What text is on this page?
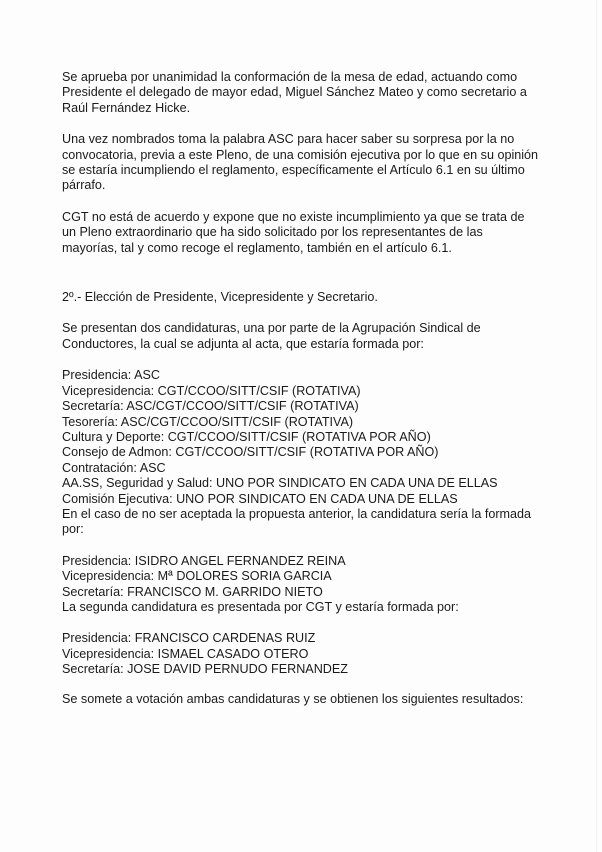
Se aprueba por unanimidad la conformación de la mesa de edad, actuando como Presidente el delegado de mayor edad, Miguel Sánchez Mateo y como secretario a Raúl Fernández Hicke.

Una vez nombrados toma la palabra ASC para hacer saber su sorpresa por la no convocatoria, previa a este Pleno, de una comisión ejecutiva por lo que en su opinión se estaría incumpliendo el reglamento, específicamente el Artículo 6.1 en su último párrafo.

CGT no está de acuerdo y expone que no existe incumplimiento ya que se trata de un Pleno extraordinario que ha sido solicitado por los representantes de las mayorías, tal y como recoge el reglamento, también en el artículo 6.1.

2º.- Elección de Presidente, Vicepresidente y Secretario.

Se presentan dos candidaturas, una por parte de la Agrupación Sindical de Conductores, la cual se adjunta al acta, que estaría formada por:

Presidencia: ASC
Vicepresidencia: CGT/CCOO/SITT/CSIF (ROTATIVA)
Secretaría: ASC/CGT/CCOO/SITT/CSIF (ROTATIVA)
Tesorería: ASC/CGT/CCOO/SITT/CSIF (ROTATIVA)
Cultura y Deporte: CGT/CCOO/SITT/CSIF (ROTATIVA POR AÑO)
Consejo de Admon: CGT/CCOO/SITT/CSIF (ROTATIVA POR AÑO)
Contratación: ASC
AA.SS, Seguridad y Salud: UNO POR SINDICATO EN CADA UNA DE ELLAS
Comisión Ejecutiva: UNO POR SINDICATO EN CADA UNA DE ELLAS

En el caso de no ser aceptada la propuesta anterior, la candidatura sería la formada por:

Presidencia: ISIDRO ANGEL FERNANDEZ REINA
Vicepresidencia: Mª DOLORES SORIA GARCIA
Secretaría: FRANCISCO M. GARRIDO NIETO

La segunda candidatura es presentada por CGT y estaría formada por:

Presidencia: FRANCISCO CARDENAS RUIZ
Vicepresidencia: ISMAEL CASADO OTERO
Secretaría: JOSE DAVID PERNUDO FERNANDEZ

Se somete a votación ambas candidaturas y se obtienen los siguientes resultados:
